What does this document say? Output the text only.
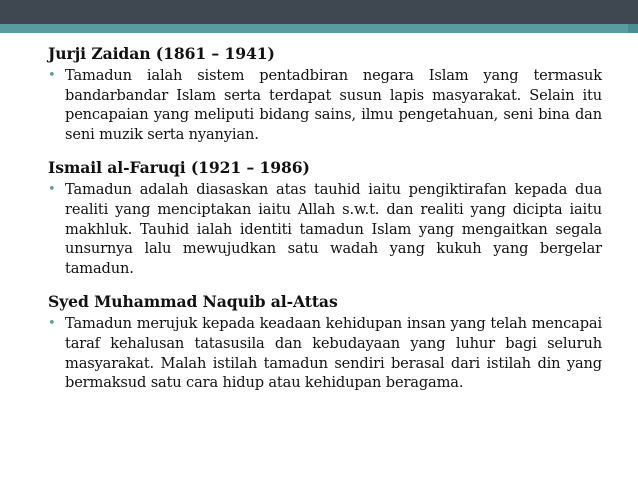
Jurji Zaidan (1861 – 1941)
• Tamadun ialah sistem pentadbiran negara Islam yang termasuk bandarbandar Islam serta terdapat susun lapis masyarakat. Selain itu pencapaian yang meliputi bidang sains, ilmu pengetahuan, seni bina dan seni muzik serta nyanyian.
Ismail al-Faruqi (1921 – 1986)
• Tamadun adalah diasaskan atas tauhid iaitu pengiktirafan kepada dua realiti yang menciptakan iaitu Allah s.w.t. dan realiti yang dicipta iaitu makhluk. Tauhid ialah identiti tamadun Islam yang mengaitkan segala unsurnya lalu mewujudkan satu wadah yang kukuh yang bergelar tamadun.
Syed Muhammad Naquib al-Attas
• Tamadun merujuk kepada keadaan kehidupan insan yang telah mencapai taraf kehalusan tatasusila dan kebudayaan yang luhur bagi seluruh masyarakat. Malah istilah tamadun sendiri berasal dari istilah din yang bermaksud satu cara hidup atau kehidupan beragama.
